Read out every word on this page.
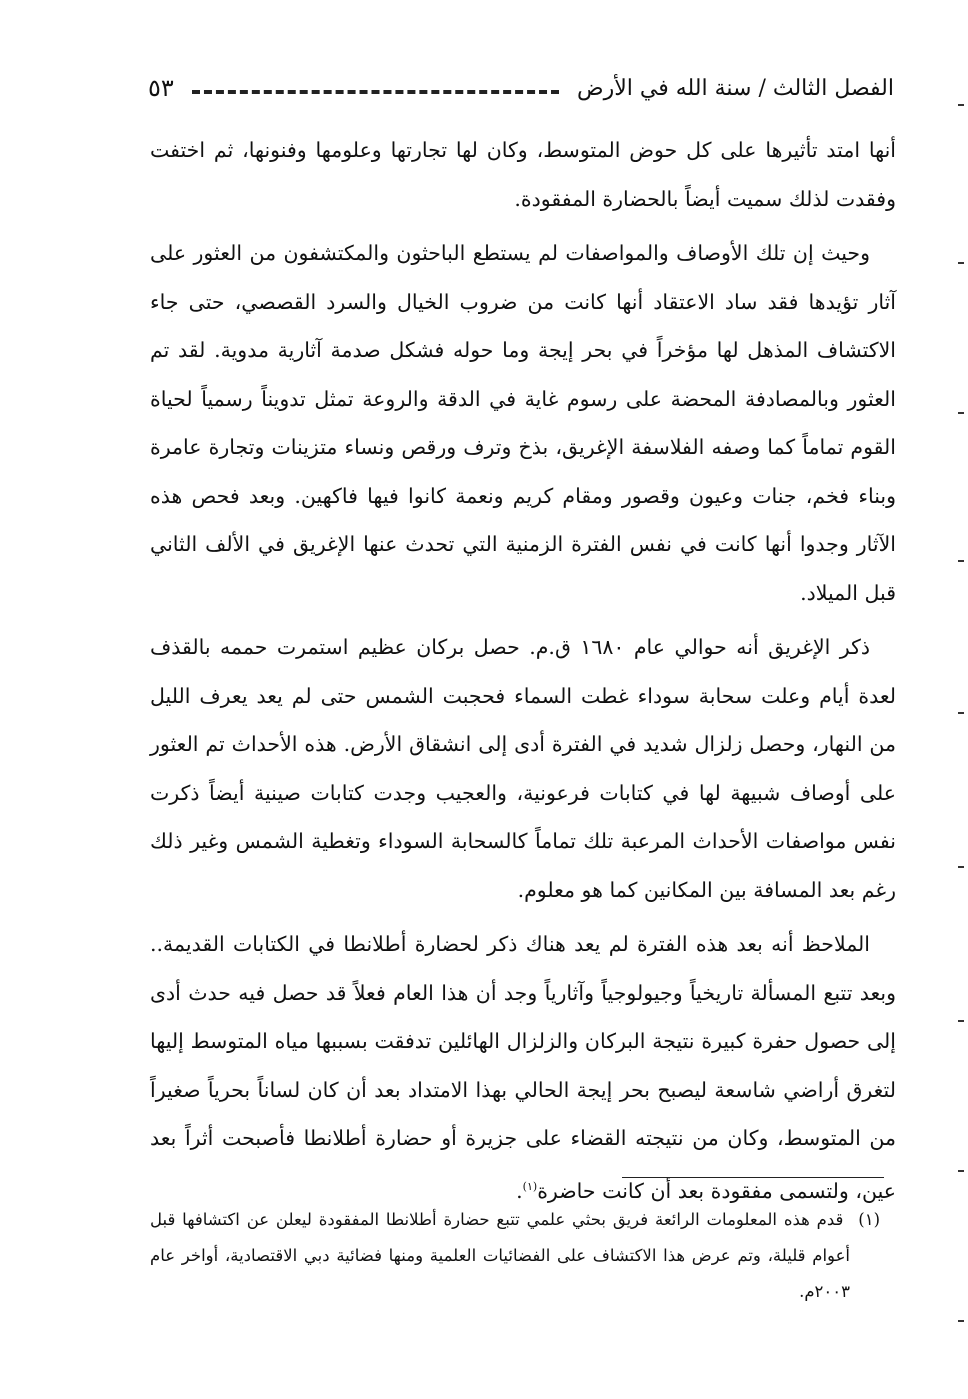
الفصل الثالث / سنة الله في الأرض
٥٣

أنها امتد تأثيرها على كل حوض المتوسط، وكان لها تجارتها وعلومها وفنونها، ثم اختفت وفقدت لذلك سميت أيضاً بالحضارة المفقودة.

وحيث إن تلك الأوصاف والمواصفات لم يستطع الباحثون والمكتشفون من العثور على آثار تؤيدها فقد ساد الاعتقاد أنها كانت من ضروب الخيال والسرد القصصي، حتى جاء الاكتشاف المذهل لها مؤخراً في بحر إيجة وما حوله فشكل صدمة آثارية مدوية. لقد تم العثور وبالمصادفة المحضة على رسوم غاية في الدقة والروعة تمثل تدويناً رسمياً لحياة القوم تماماً كما وصفه الفلاسفة الإغريق، بذخ وترف ورقص ونساء متزينات وتجارة عامرة وبناء فخم، جنات وعيون وقصور ومقام كريم ونعمة كانوا فيها فاكهين. وبعد فحص هذه الآثار وجدوا أنها كانت في نفس الفترة الزمنية التي تحدث عنها الإغريق في الألف الثاني قبل الميلاد.

ذكر الإغريق أنه حوالي عام ١٦٨٠ ق.م. حصل بركان عظيم استمرت حممه بالقذف لعدة أيام وعلت سحابة سوداء غطت السماء فحجبت الشمس حتى لم يعد يعرف الليل من النهار، وحصل زلزال شديد في الفترة أدى إلى انشقاق الأرض. هذه الأحداث تم العثور على أوصاف شبيهة لها في كتابات فرعونية، والعجيب وجدت كتابات صينية أيضاً ذكرت نفس مواصفات الأحداث المرعبة تلك تماماً كالسحابة السوداء وتغطية الشمس وغير ذلك رغم بعد المسافة بين المكانين كما هو معلوم.

الملاحظ أنه بعد هذه الفترة لم يعد هناك ذكر لحضارة أطلانطا في الكتابات القديمة.. وبعد تتبع المسألة تاريخياً وجيولوجياً وآثارياً وجد أن هذا العام فعلاً قد حصل فيه حدث أدى إلى حصول حفرة كبيرة نتيجة البركان والزلزال الهائلين تدفقت بسببها مياه المتوسط إليها لتغرق أراضي شاسعة ليصبح بحر إيجة الحالي بهذا الامتداد بعد أن كان لساناً بحرياً صغيراً من المتوسط، وكان من نتيجته القضاء على جزيرة أو حضارة أطلانطا فأصبحت أثراً بعد عين، ولتسمى مفقودة بعد أن كانت حاضرة$^{(١)}$.

(١) قدم هذه المعلومات الرائعة فريق بحثي علمي تتبع حضارة أطلانطا المفقودة ليعلن عن اكتشافها قبل أعوام قليلة، وتم عرض هذا الاكتشاف على الفضائيات العلمية ومنها فضائية دبي الاقتصادية، أواخر عام ٢٠٠٣م.
